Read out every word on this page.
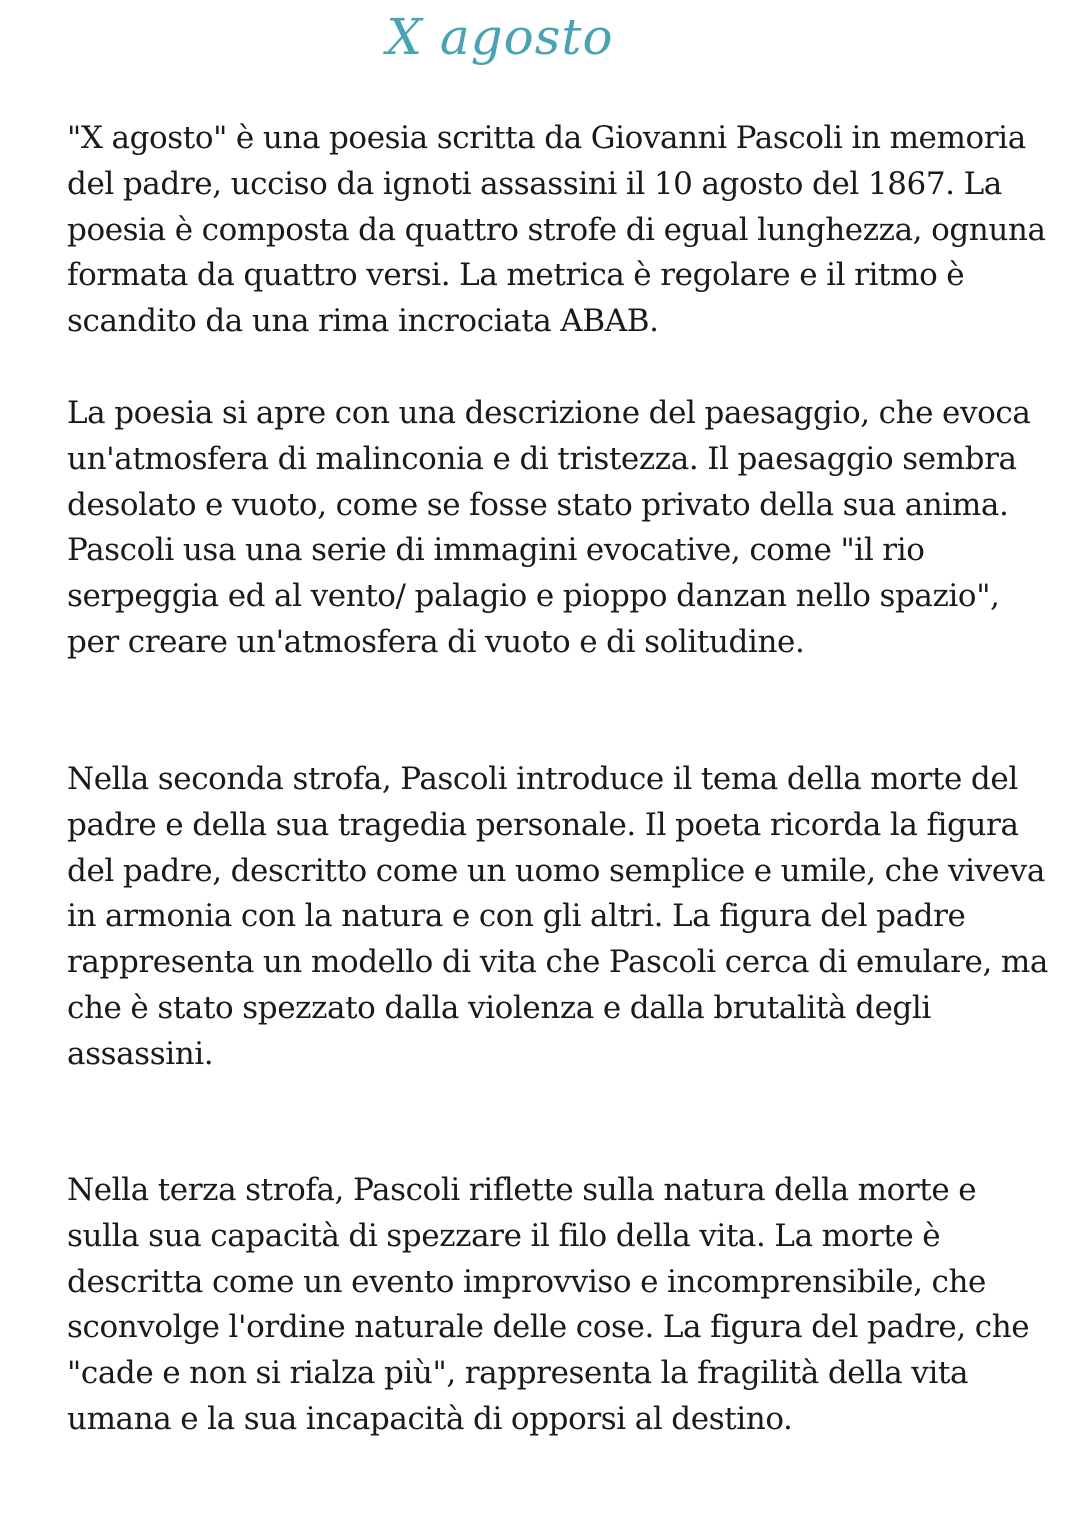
X agosto

"X agosto" è una poesia scritta da Giovanni Pascoli in memoria del padre, ucciso da ignoti assassini il 10 agosto del 1867. La poesia è composta da quattro strofe di egual lunghezza, ognuna formata da quattro versi. La metrica è regolare e il ritmo è scandito da una rima incrociata ABAB.

La poesia si apre con una descrizione del paesaggio, che evoca un'atmosfera di malinconia e di tristezza. Il paesaggio sembra desolato e vuoto, come se fosse stato privato della sua anima. Pascoli usa una serie di immagini evocative, come "il rio serpeggia ed al vento/ palagio e pioppo danzan nello spazio", per creare un'atmosfera di vuoto e di solitudine.

Nella seconda strofa, Pascoli introduce il tema della morte del padre e della sua tragedia personale. Il poeta ricorda la figura del padre, descritto come un uomo semplice e umile, che viveva in armonia con la natura e con gli altri. La figura del padre rappresenta un modello di vita che Pascoli cerca di emulare, ma che è stato spezzato dalla violenza e dalla brutalità degli assassini.

Nella terza strofa, Pascoli riflette sulla natura della morte e sulla sua capacità di spezzare il filo della vita. La morte è descritta come un evento improvviso e incomprensibile, che sconvolge l'ordine naturale delle cose. La figura del padre, che "cade e non si rialza più", rappresenta la fragilità della vita umana e la sua incapacità di opporsi al destino.
